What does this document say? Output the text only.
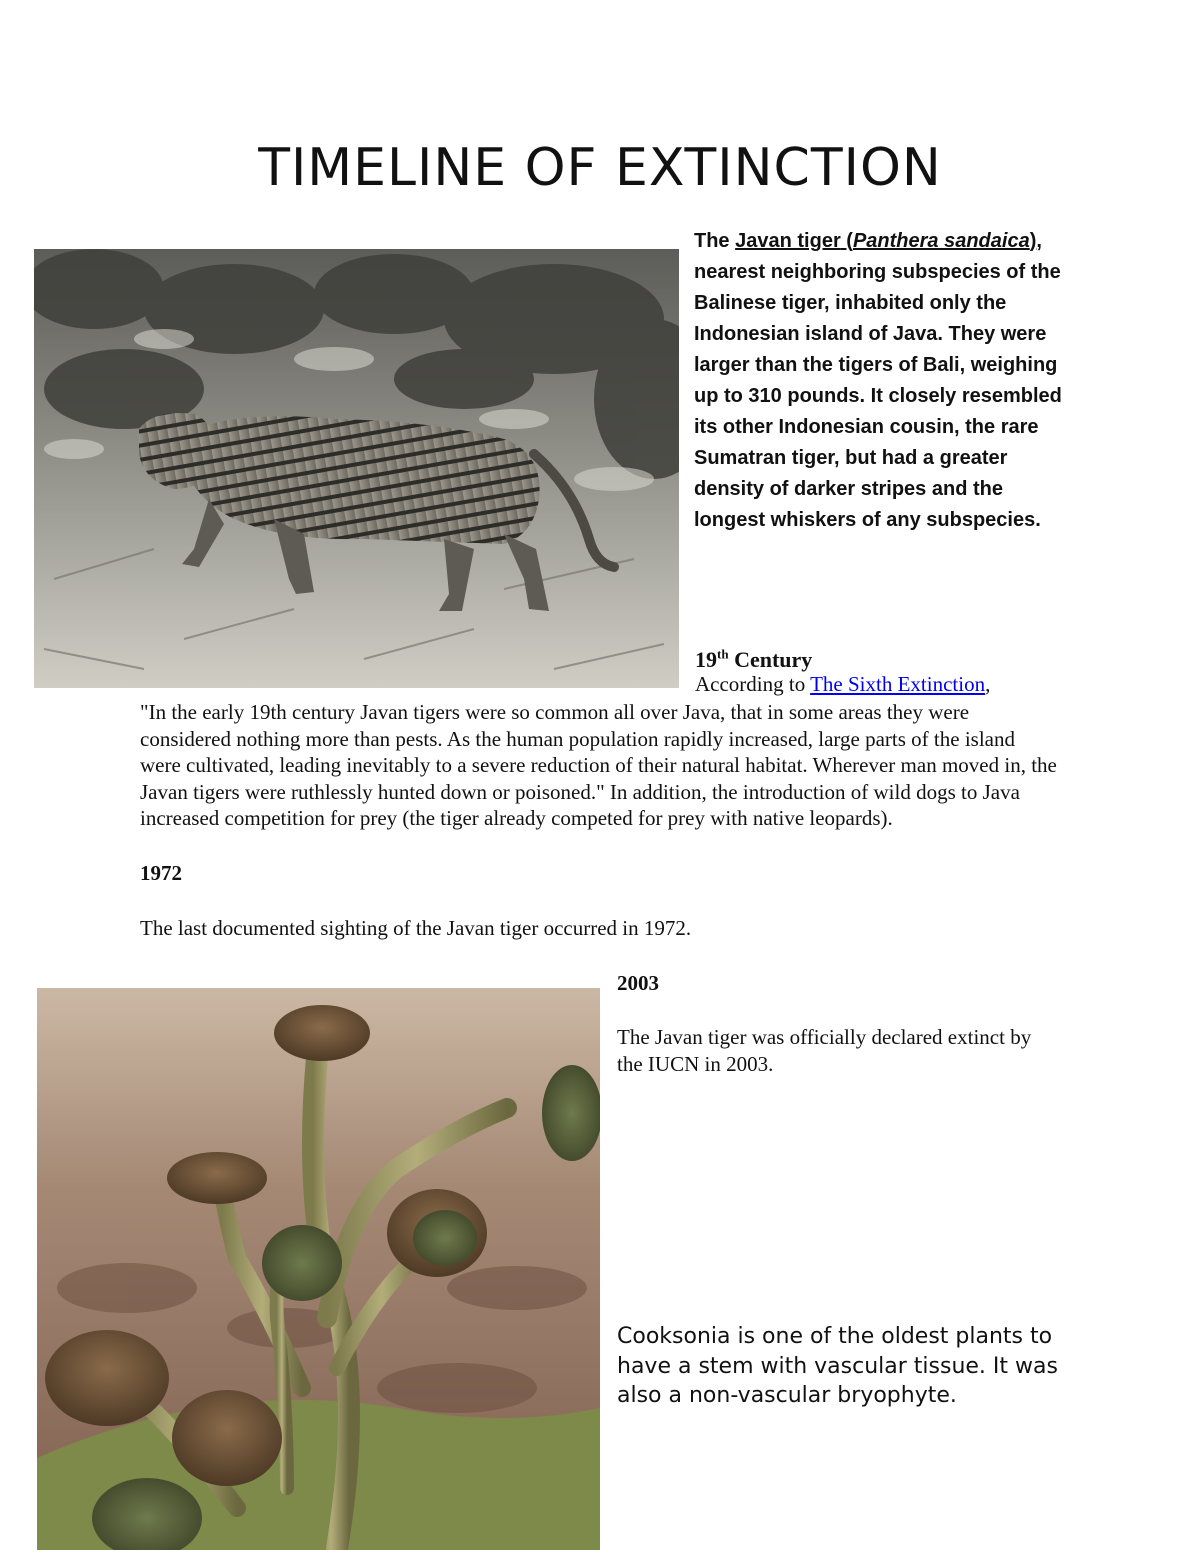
TIMELINE OF EXTINCTION
The Javan tiger (Panthera sandaica), nearest neighboring subspecies of the Balinese tiger, inhabited only the Indonesian island of Java. They were larger than the tigers of Bali, weighing up to 310 pounds. It closely resembled its other Indonesian cousin, the rare Sumatran tiger, but had a greater density of darker stripes and the longest whiskers of any subspecies.
19th Century
According to The Sixth Extinction,
"In the early 19th century Javan tigers were so common all over Java, that in some areas they were considered nothing more than pests. As the human population rapidly increased, large parts of the island were cultivated, leading inevitably to a severe reduction of their natural habitat. Wherever man moved in, the Javan tigers were ruthlessly hunted down or poisoned." In addition, the introduction of wild dogs to Java increased competition for prey (the tiger already competed for prey with native leopards).
1972
The last documented sighting of the Javan tiger occurred in 1972.
2003
The Javan tiger was officially declared extinct by the IUCN in 2003.
Cooksonia is one of the oldest plants to have a stem with vascular tissue. It was also a non-vascular bryophyte.
